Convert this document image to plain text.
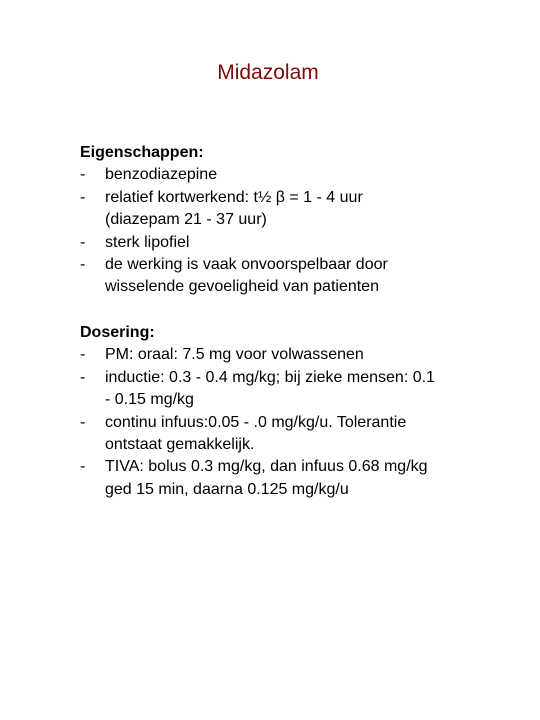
Midazolam

Eigenschappen:

-	benzodiazepine
-	relatief kortwerkend: t½ β = 1 - 4 uur
(diazepam 21 - 37 uur)
-	sterk lipofiel
-	de werking is vaak onvoorspelbaar door
wisselende gevoeligheid van patienten

Dosering:

-	PM: oraal: 7.5 mg voor volwassenen
-	inductie: 0.3 - 0.4 mg/kg; bij zieke mensen: 0.1
- 0.15 mg/kg
-	continu infuus:0.05 - .0 mg/kg/u. Tolerantie
ontstaat gemakkelijk.
-	TIVA: bolus 0.3 mg/kg, dan infuus 0.68 mg/kg
ged 15 min, daarna 0.125 mg/kg/u
